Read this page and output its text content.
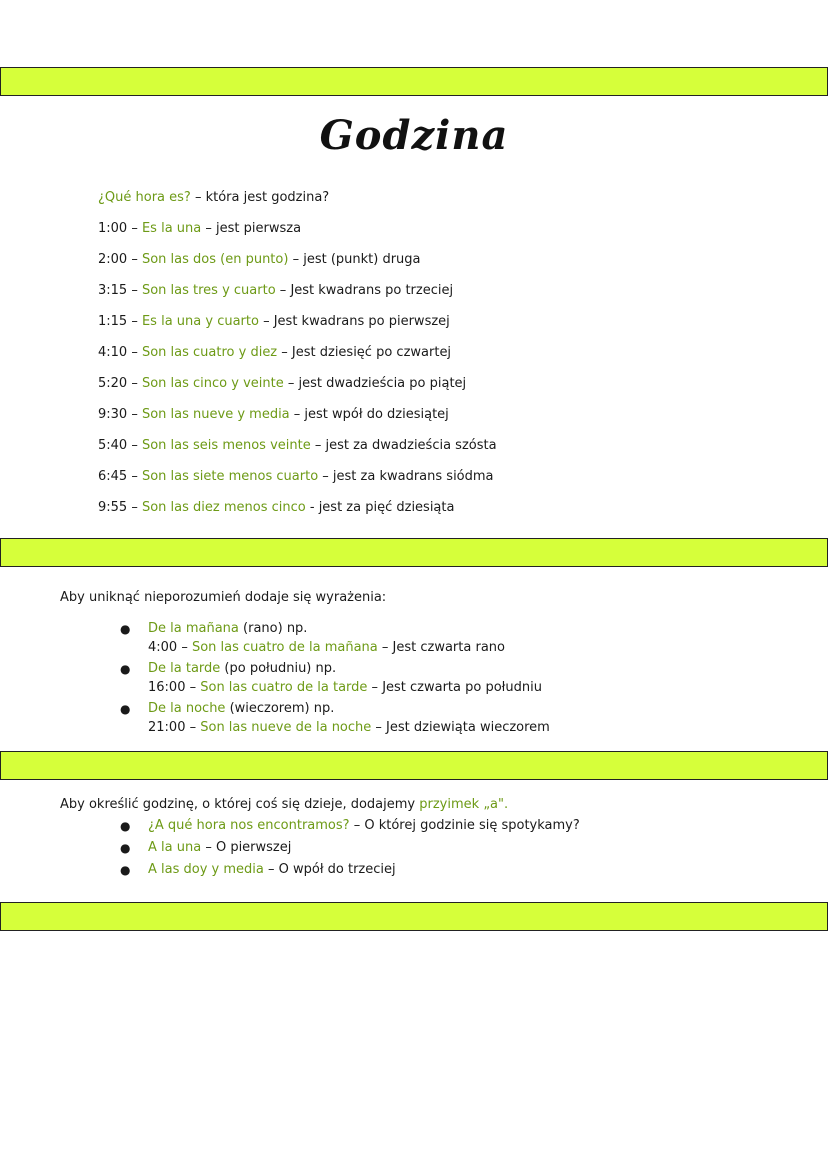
Godzina
¿Qué hora es? – która jest godzina?
1:00 – Es la una – jest pierwsza
2:00 – Son las dos (en punto) – jest (punkt) druga
3:15 – Son las tres y cuarto – Jest kwadrans po trzeciej
1:15 – Es la una y cuarto – Jest kwadrans po pierwszej
4:10 – Son las cuatro y diez – Jest dziesięć po czwartej
5:20 – Son las cinco y veinte – jest dwadzieścia po piątej
9:30 – Son las nueve y media – jest wpół do dziesiątej
5:40 – Son las seis menos veinte – jest za dwadzieścia szósta
6:45 – Son las siete menos cuarto – jest za kwadrans siódma
9:55 – Son las diez menos cinco - jest za pięć dziesiąta
Aby uniknąć nieporozumień dodaje się wyrażenia:
● De la mañana (rano) np.
4:00 – Son las cuatro de la mañana – Jest czwarta rano
● De la tarde (po południu) np.
16:00 – Son las cuatro de la tarde – Jest czwarta po południu
● De la noche (wieczorem) np.
21:00 – Son las nueve de la noche – Jest dziewiąta wieczorem
Aby określić godzinę, o której coś się dzieje, dodajemy przyimek „a".
● ¿A qué hora nos encontramos? – O której godzinie się spotykamy?
● A la una – O pierwszej
● A las doy y media – O wpół do trzeciej
